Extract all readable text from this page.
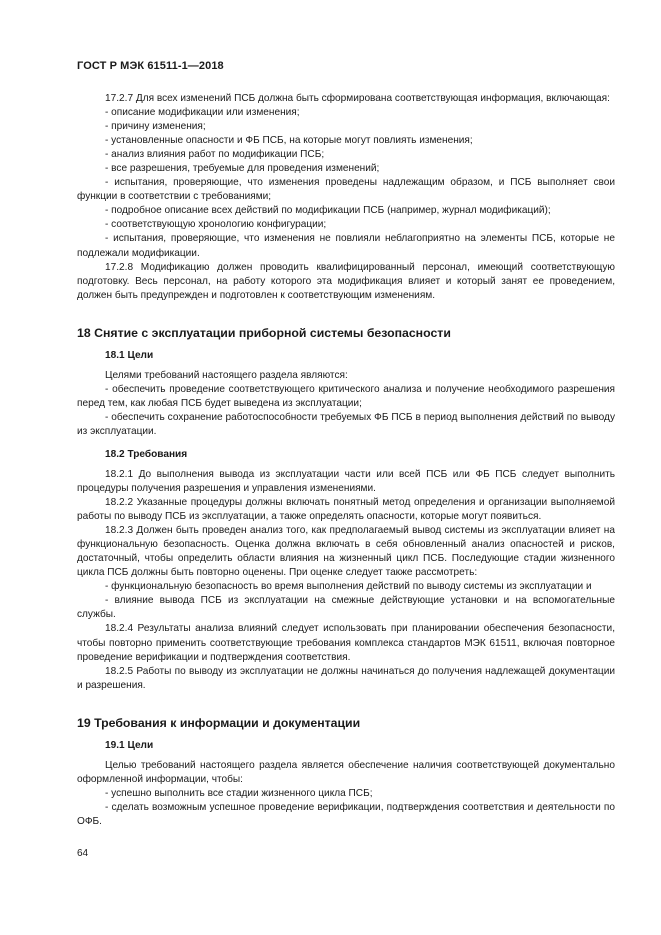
ГОСТ Р МЭК 61511-1—2018

17.2.7 Для всех изменений ПСБ должна быть сформирована соответствующая информация, включающая:

- описание модификации или изменения;

- причину изменения;

- установленные опасности и ФБ ПСБ, на которые могут повлиять изменения;

- анализ влияния работ по модификации ПСБ;

- все разрешения, требуемые для проведения изменений;

- испытания, проверяющие, что изменения проведены надлежащим образом, и ПСБ выполняет свои функции в соответствии с требованиями;

- подробное описание всех действий по модификации ПСБ (например, журнал модификаций);

- соответствующую хронологию конфигурации;

- испытания, проверяющие, что изменения не повлияли неблагоприятно на элементы ПСБ, которые не подлежали модификации.

17.2.8 Модификацию должен проводить квалифицированный персонал, имеющий соответствующую подготовку. Весь персонал, на работу которого эта модификация влияет и который занят ее проведением, должен быть предупрежден и подготовлен к соответствующим изменениям.

18 Снятие с эксплуатации приборной системы безопасности
18.1 Цели

Целями требований настоящего раздела являются:

- обеспечить проведение соответствующего критического анализа и получение необходимого разрешения перед тем, как любая ПСБ будет выведена из эксплуатации;

- обеспечить сохранение работоспособности требуемых ФБ ПСБ в период выполнения действий по выводу из эксплуатации.

18.2 Требования

18.2.1 До выполнения вывода из эксплуатации части или всей ПСБ или ФБ ПСБ следует выполнить процедуры получения разрешения и управления изменениями.

18.2.2 Указанные процедуры должны включать понятный метод определения и организации выполняемой работы по выводу ПСБ из эксплуатации, а также определять опасности, которые могут появиться.

18.2.3 Должен быть проведен анализ того, как предполагаемый вывод системы из эксплуатации влияет на функциональную безопасность. Оценка должна включать в себя обновленный анализ опасностей и рисков, достаточный, чтобы определить области влияния на жизненный цикл ПСБ. Последующие стадии жизненного цикла ПСБ должны быть повторно оценены. При оценке следует также рассмотреть:

- функциональную безопасность во время выполнения действий по выводу системы из эксплуатации и

- влияние вывода ПСБ из эксплуатации на смежные действующие установки и на вспомогательные службы.

18.2.4 Результаты анализа влияний следует использовать при планировании обеспечения безопасности, чтобы повторно применить соответствующие требования комплекса стандартов МЭК 61511, включая повторное проведение верификации и подтверждения соответствия.

18.2.5 Работы по выводу из эксплуатации не должны начинаться до получения надлежащей документации и разрешения.

19 Требования к информации и документации
19.1 Цели

Целью требований настоящего раздела является обеспечение наличия соответствующей документально оформленной информации, чтобы:

- успешно выполнить все стадии жизненного цикла ПСБ;

- сделать возможным успешное проведение верификации, подтверждения соответствия и деятельности по ОФБ.

64
